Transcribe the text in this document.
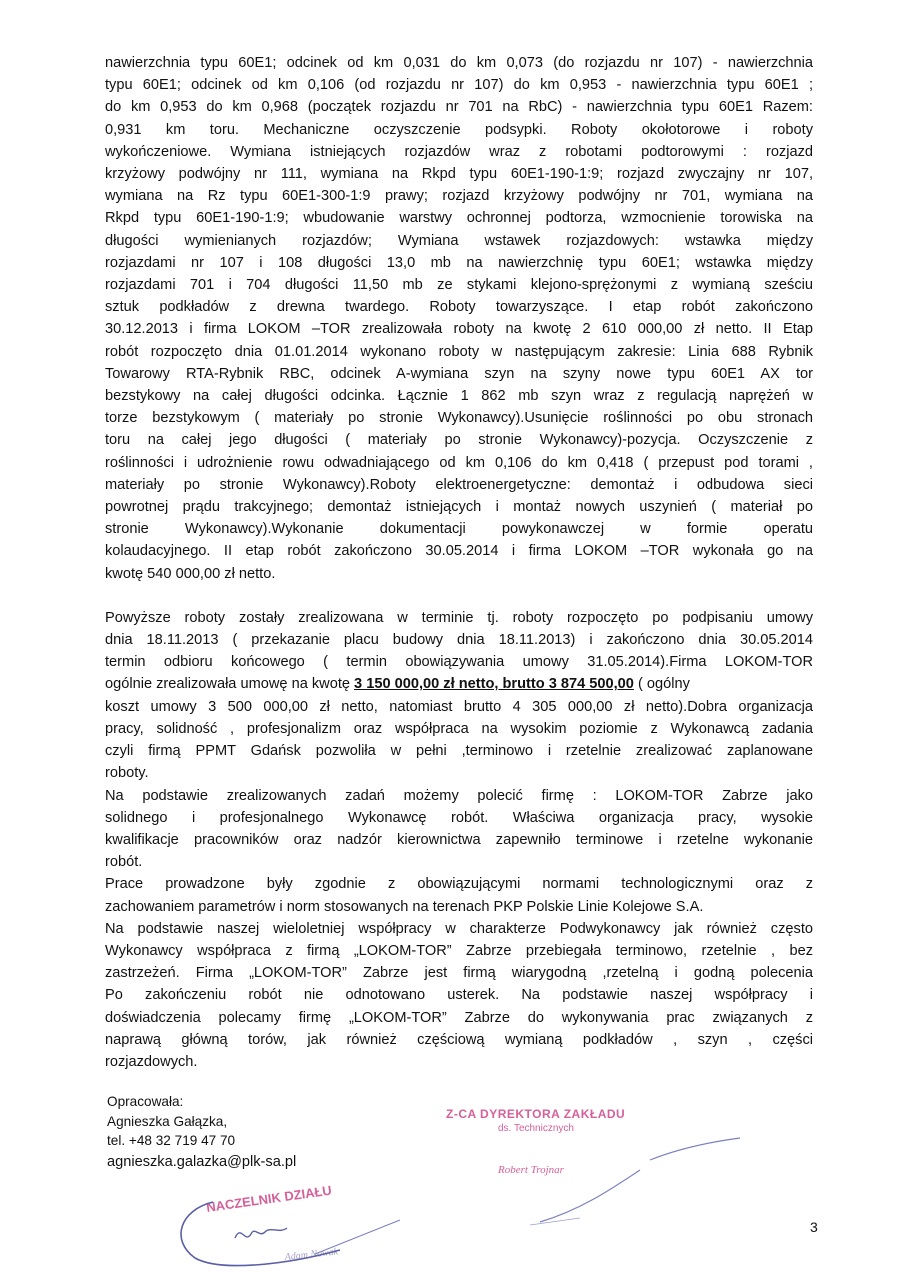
nawierzchnia typu 60E1; odcinek od km 0,031 do km 0,073 (do rozjazdu nr 107) - nawierzchnia
typu 60E1; odcinek od km 0,106 (od rozjazdu nr 107) do km 0,953 - nawierzchnia typu 60E1 ;
do km 0,953 do km 0,968 (początek rozjazdu nr 701 na RbC) - nawierzchnia typu 60E1 Razem:
0,931 km toru. Mechaniczne oczyszczenie podsypki. Roboty okołotorowe i roboty
wykończeniowe. Wymiana istniejących rozjazdów wraz z robotami podtorowymi : rozjazd
krzyżowy podwójny nr 111, wymiana na Rkpd typu 60E1-190-1:9; rozjazd zwyczajny nr 107,
wymiana na Rz typu 60E1-300-1:9 prawy; rozjazd krzyżowy podwójny nr 701, wymiana na
Rkpd typu 60E1-190-1:9; wbudowanie warstwy ochronnej podtorza, wzmocnienie torowiska na
długości wymienianych rozjazdów; Wymiana wstawek rozjazdowych: wstawka między
rozjazdami nr 107 i 108 długości 13,0 mb na nawierzchnię typu 60E1; wstawka między
rozjazdami 701 i 704 długości 11,50 mb ze stykami klejono-sprężonymi z wymianą sześciu
sztuk podkładów z drewna twardego. Roboty towarzyszące. I etap robót zakończono
30.12.2013 i firma LOKOM –TOR zrealizowała roboty na kwotę 2 610 000,00 zł netto. II Etap
robót rozpoczęto dnia 01.01.2014 wykonano roboty w następującym zakresie: Linia 688 Rybnik
Towarowy RTA-Rybnik RBC, odcinek A-wymiana szyn na szyny nowe typu 60E1 AX tor
bezstykowy na całej długości odcinka. Łącznie 1 862 mb szyn wraz z regulacją naprężeń w
torze bezstykowym ( materiały po stronie Wykonawcy).Usunięcie roślinności po obu stronach
toru na całej jego długości ( materiały po stronie Wykonawcy)-pozycja. Oczyszczenie z
roślinności i udrożnienie rowu odwadniającego od km 0,106 do km 0,418 ( przepust pod torami ,
materiały po stronie Wykonawcy).Roboty elektroenergetyczne: demontaż i odbudowa sieci
powrotnej prądu trakcyjnego; demontaż istniejących i montaż nowych uszynień ( materiał po
stronie Wykonawcy).Wykonanie dokumentacji powykonawczej w formie operatu
kolaudacyjnego. II etap robót zakończono 30.05.2014 i firma LOKOM –TOR wykonała go na
kwotę 540 000,00 zł netto.
Powyższe roboty zostały zrealizowana w terminie tj. roboty rozpoczęto po podpisaniu umowy
dnia 18.11.2013 ( przekazanie placu budowy dnia 18.11.2013) i zakończono dnia 30.05.2014
termin odbioru końcowego ( termin obowiązywania umowy 31.05.2014).Firma LOKOM-TOR
ogólnie zrealizowała umowę na kwotę 3 150 000,00 zł netto, brutto 3 874 500,00 ( ogólny
koszt umowy 3 500 000,00 zł netto, natomiast brutto 4 305 000,00 zł netto).Dobra organizacja
pracy, solidność , profesjonalizm oraz współpraca na wysokim poziomie z Wykonawcą zadania
czyli firmą PPMT Gdańsk pozwoliła w pełni ,terminowo i rzetelnie zrealizować zaplanowane
roboty.
Na podstawie zrealizowanych zadań możemy polecić firmę : LOKOM-TOR Zabrze jako
solidnego i profesjonalnego Wykonawcę robót. Właściwa organizacja pracy, wysokie
kwalifikacje pracowników oraz nadzór kierownictwa zapewniło terminowe i rzetelne wykonanie
robót.
Prace prowadzone były zgodnie z obowiązującymi normami technologicznymi oraz z
zachowaniem parametrów i norm stosowanych na terenach PKP Polskie Linie Kolejowe S.A.
Na podstawie naszej wieloletniej współpracy w charakterze Podwykonawcy jak również często
Wykonawcy współpraca z firmą „LOKOM-TOR” Zabrze przebiegała terminowo, rzetelnie , bez
zastrzeżeń. Firma „LOKOM-TOR” Zabrze jest firmą wiarygodną ,rzetelną i godną polecenia
Po zakończeniu robót nie odnotowano usterek. Na podstawie naszej współpracy i
doświadczenia polecamy firmę „LOKOM-TOR” Zabrze do wykonywania prac związanych z
naprawą główną torów, jak również częściową wymianą podkładów , szyn , części
rozjazdowych.
Opracowała:
Agnieszka Gałązka,
tel. +48 32 719 47 70
agnieszka.galazka@plk-sa.pl
NACZELNIK DZIAŁU
Adam Nowak
Z-CA DYREKTORA ZAKŁADU
ds. Technicznych
Robert Trojnar
3
